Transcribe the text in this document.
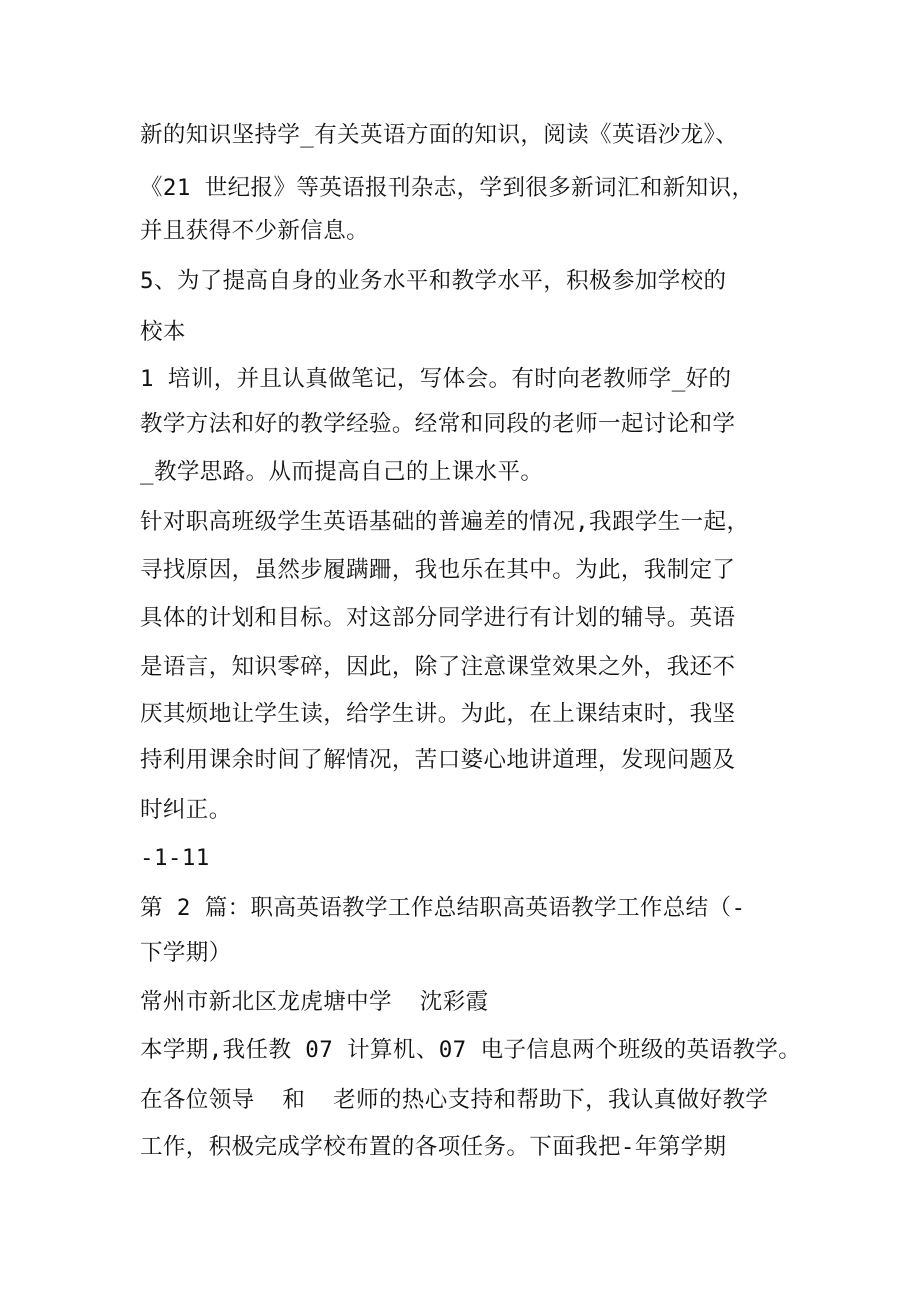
新的知识坚持学_有关英语方面的知识，阅读《英语沙龙》、
《21 世纪报》等英语报刊杂志，学到很多新词汇和新知识，
并且获得不少新信息。
5、为了提高自身的业务水平和教学水平，积极参加学校的
校本
1 培训，并且认真做笔记，写体会。有时向老教师学_好的
教学方法和好的教学经验。经常和同段的老师一起讨论和学
_教学思路。从而提高自己的上课水平。
针对职高班级学生英语基础的普遍差的情况,我跟学生一起，
寻找原因，虽然步履蹒跚，我也乐在其中。为此，我制定了
具体的计划和目标。对这部分同学进行有计划的辅导。英语
是语言，知识零碎，因此，除了注意课堂效果之外，我还不
厌其烦地让学生读，给学生讲。为此，在上课结束时，我坚
持利用课余时间了解情况，苦口婆心地讲道理，发现问题及
时纠正。
-1-11
第 2 篇：职高英语教学工作总结职高英语教学工作总结（-
下学期）
常州市新北区龙虎塘中学  沈彩霞
本学期,我任教 07 计算机、07 电子信息两个班级的英语教学。
在各位领导  和  老师的热心支持和帮助下，我认真做好教学
工作，积极完成学校布置的各项任务。下面我把-年第学期
